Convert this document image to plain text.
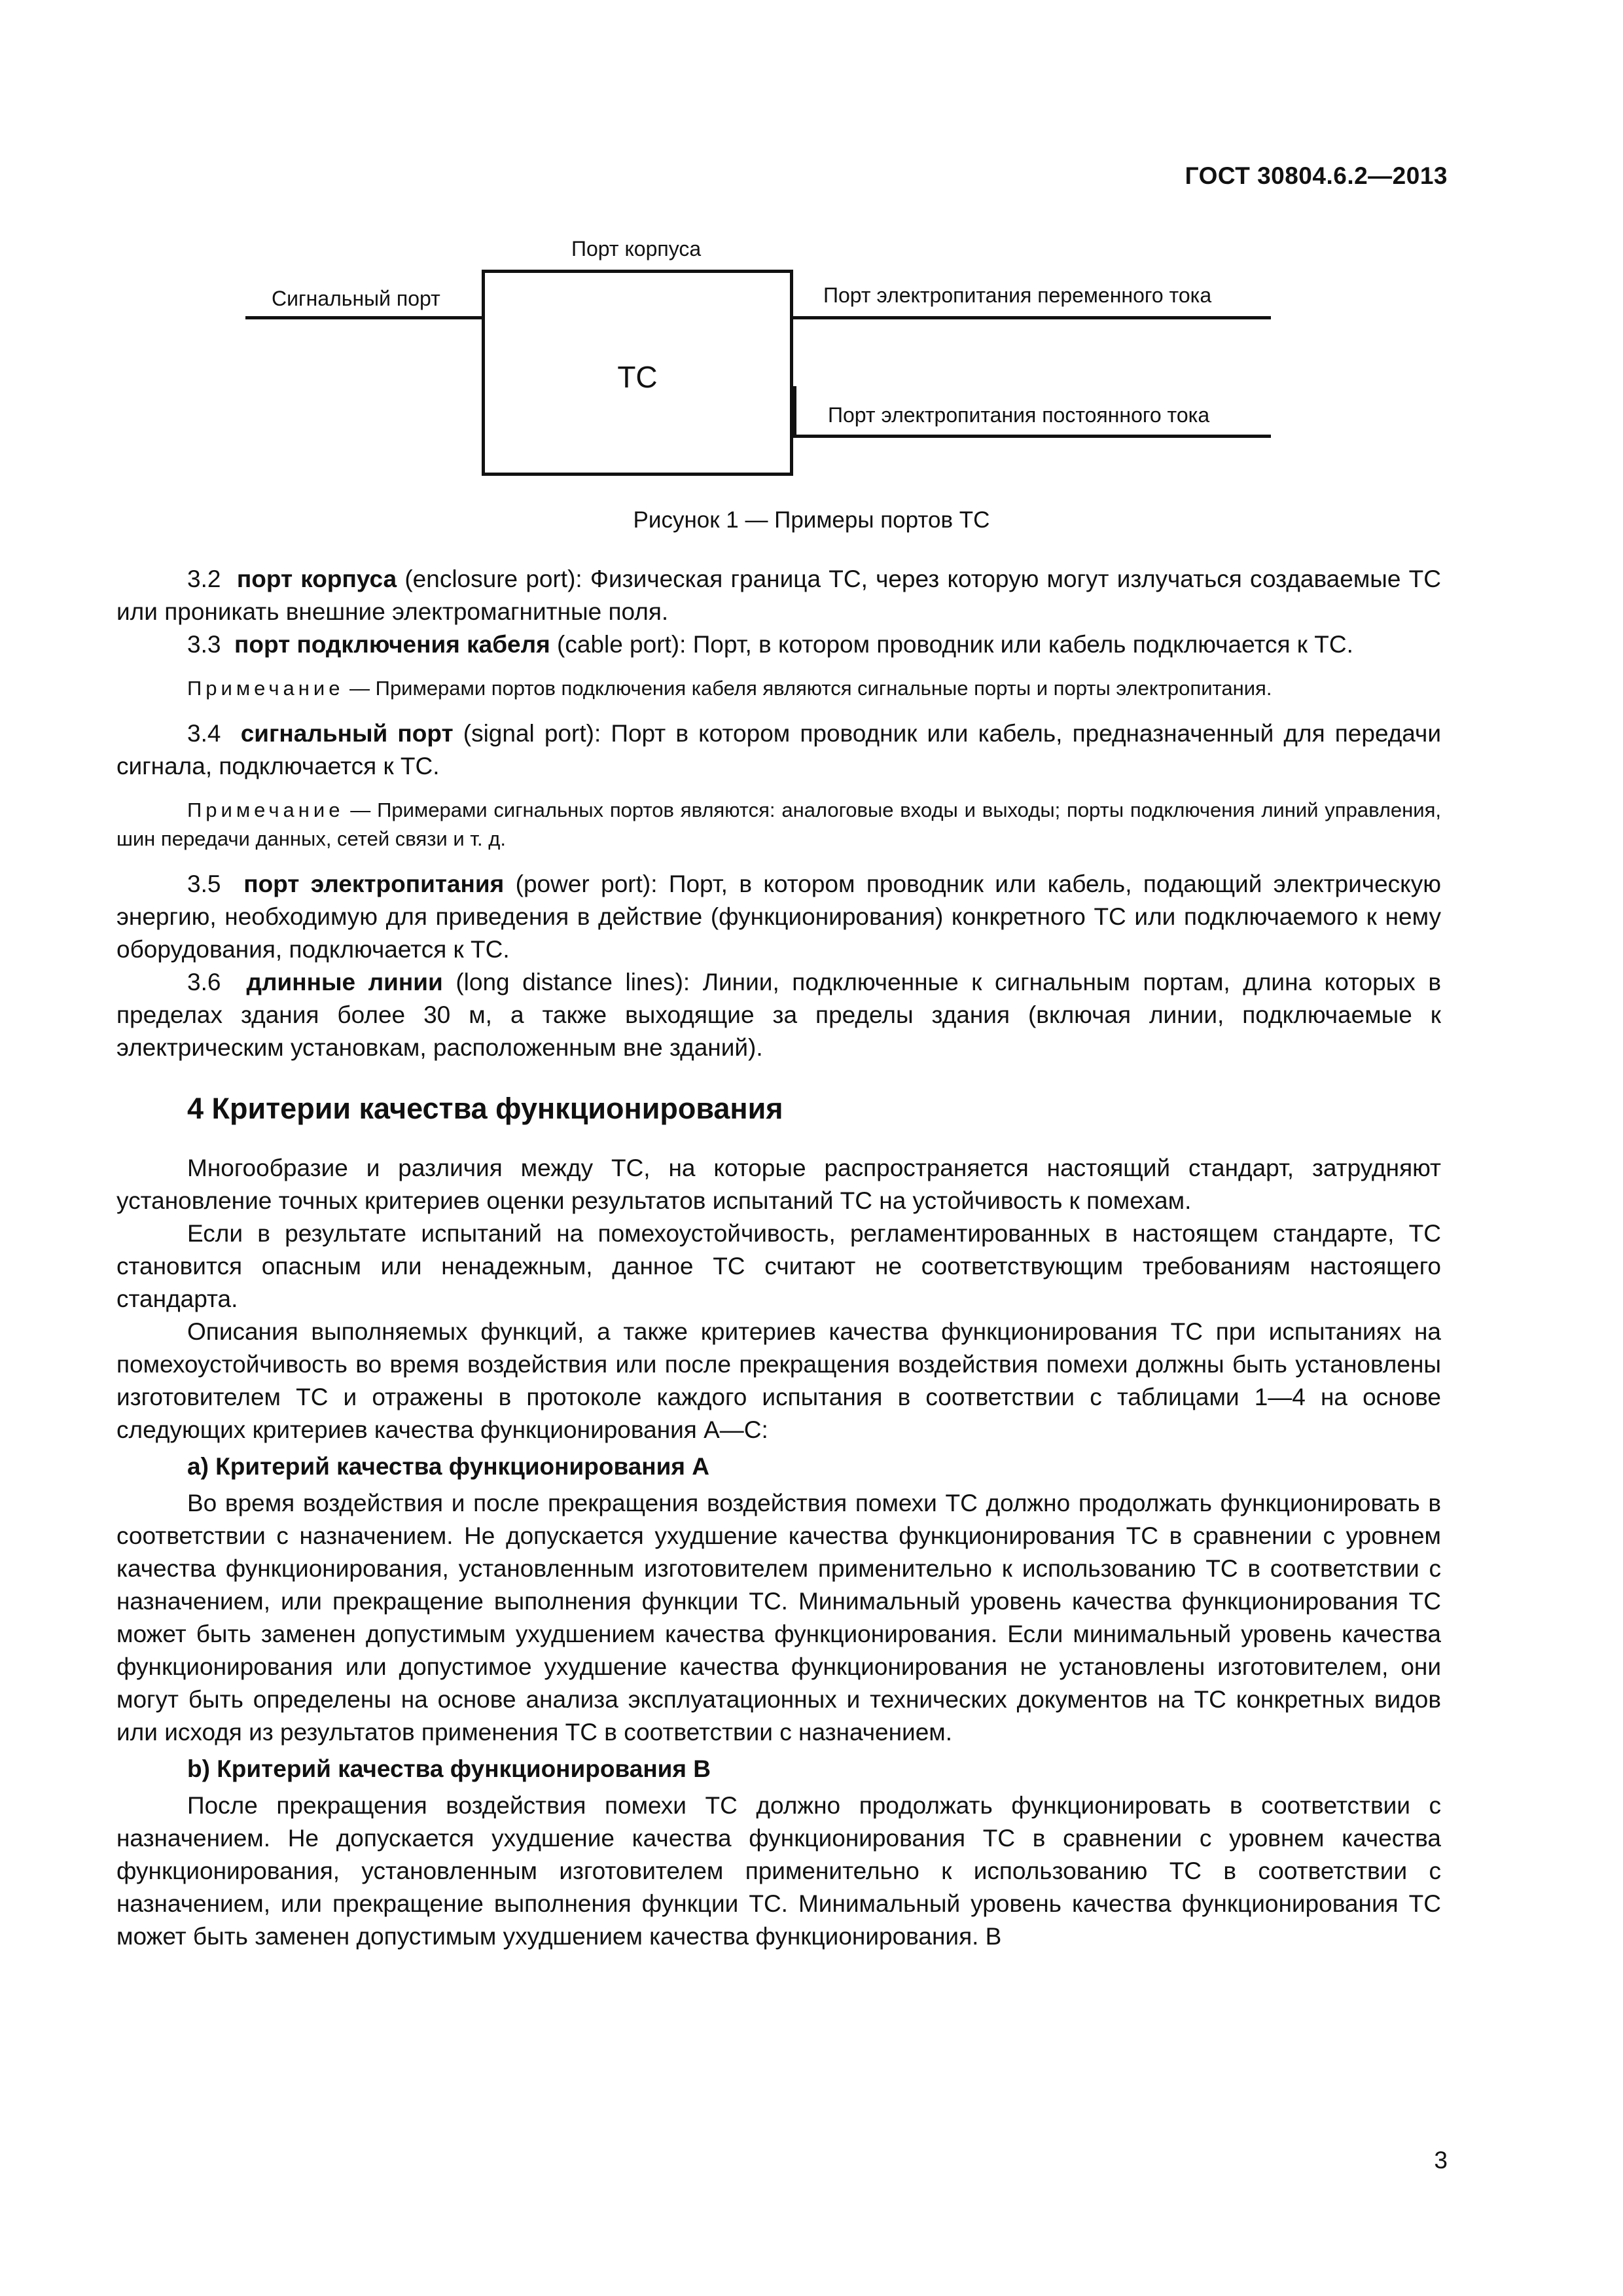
ГОСТ 30804.6.2—2013
Порт корпуса
Сигнальный порт
ТС
Порт электропитания переменного тока
Порт электропитания постоянного тока
Рисунок 1 — Примеры портов ТС

3.2 порт корпуса (enclosure port): Физическая граница ТС, через которую могут излучаться создаваемые ТС или проникать внешние электромагнитные поля.

3.3 порт подключения кабеля (cable port): Порт, в котором проводник или кабель подключается к ТС.

Примечание — Примерами портов подключения кабеля являются сигнальные порты и порты электропитания.

3.4 сигнальный порт (signal port): Порт в котором проводник или кабель, предназначенный для передачи сигнала, подключается к ТС.

Примечание — Примерами сигнальных портов являются: аналоговые входы и выходы; порты подключения линий управления, шин передачи данных, сетей связи и т. д.

3.5 порт электропитания (power port): Порт, в котором проводник или кабель, подающий электрическую энергию, необходимую для приведения в действие (функционирования) конкретного ТС или подключаемого к нему оборудования, подключается к ТС.

3.6 длинные линии (long distance lines): Линии, подключенные к сигнальным портам, длина которых в пределах здания более 30 м, а также выходящие за пределы здания (включая линии, подключаемые к электрическим установкам, расположенным вне зданий).

4 Критерии качества функционирования

Многообразие и различия между ТС, на которые распространяется настоящий стандарт, затрудняют установление точных критериев оценки результатов испытаний ТС на устойчивость к помехам.

Если в результате испытаний на помехоустойчивость, регламентированных в настоящем стандарте, ТС становится опасным или ненадежным, данное ТС считают не соответствующим требованиям настоящего стандарта.

Описания выполняемых функций, а также критериев качества функционирования ТС при испытаниях на помехоустойчивость во время воздействия или после прекращения воздействия помехи должны быть установлены изготовителем ТС и отражены в протоколе каждого испытания в соответствии с таблицами 1—4 на основе следующих критериев качества функционирования А—С:

а) Критерий качества функционирования А

Во время воздействия и после прекращения воздействия помехи ТС должно продолжать функционировать в соответствии с назначением. Не допускается ухудшение качества функционирования ТС в сравнении с уровнем качества функционирования, установленным изготовителем применительно к использованию ТС в соответствии с назначением, или прекращение выполнения функции ТС. Минимальный уровень качества функционирования ТС может быть заменен допустимым ухудшением качества функционирования. Если минимальный уровень качества функционирования или допустимое ухудшение качества функционирования не установлены изготовителем, они могут быть определены на основе анализа эксплуатационных и технических документов на ТС конкретных видов или исходя из результатов применения ТС в соответствии с назначением.

b) Критерий качества функционирования В

После прекращения воздействия помехи ТС должно продолжать функционировать в соответствии с назначением. Не допускается ухудшение качества функционирования ТС в сравнении с уровнем качества функционирования, установленным изготовителем применительно к использованию ТС в соответствии с назначением, или прекращение выполнения функции ТС. Минимальный уровень качества функционирования ТС может быть заменен допустимым ухудшением качества функционирования. В

3
